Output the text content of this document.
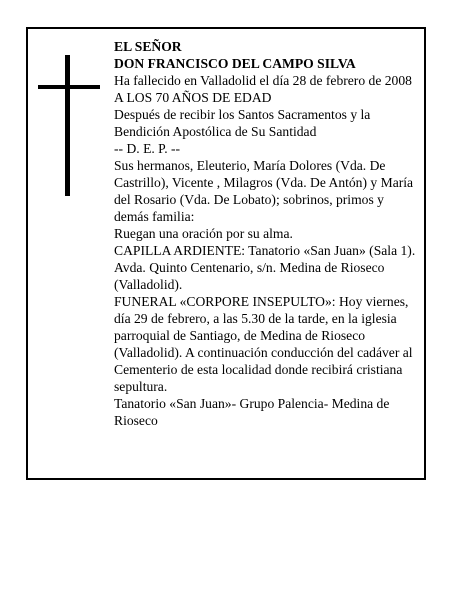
EL SEÑOR

DON FRANCISCO DEL CAMPO SILVA

Ha fallecido en Valladolid el día 28 de febrero de 2008

A LOS 70 AÑOS DE EDAD

Después de recibir los Santos Sacramentos y la Bendición Apostólica de Su Santidad

-- D. E. P. --

Sus hermanos, Eleuterio, María Dolores (Vda. De Castrillo), Vicente , Milagros (Vda. De Antón) y María del Rosario (Vda. De Lobato); sobrinos, primos y demás familia:

Ruegan una oración por su alma.

CAPILLA ARDIENTE: Tanatorio «San Juan» (Sala 1). Avda. Quinto Centenario, s/n. Medina de Rioseco (Valladolid).

FUNERAL «CORPORE INSEPULTO»: Hoy viernes, día 29 de febrero, a las 5.30 de la tarde, en la iglesia parroquial de Santiago, de Medina de Rioseco (Valladolid). A continuación conducción del cadáver al Cementerio de esta localidad donde recibirá cristiana sepultura.

Tanatorio «San Juan»- Grupo Palencia- Medina de Rioseco
